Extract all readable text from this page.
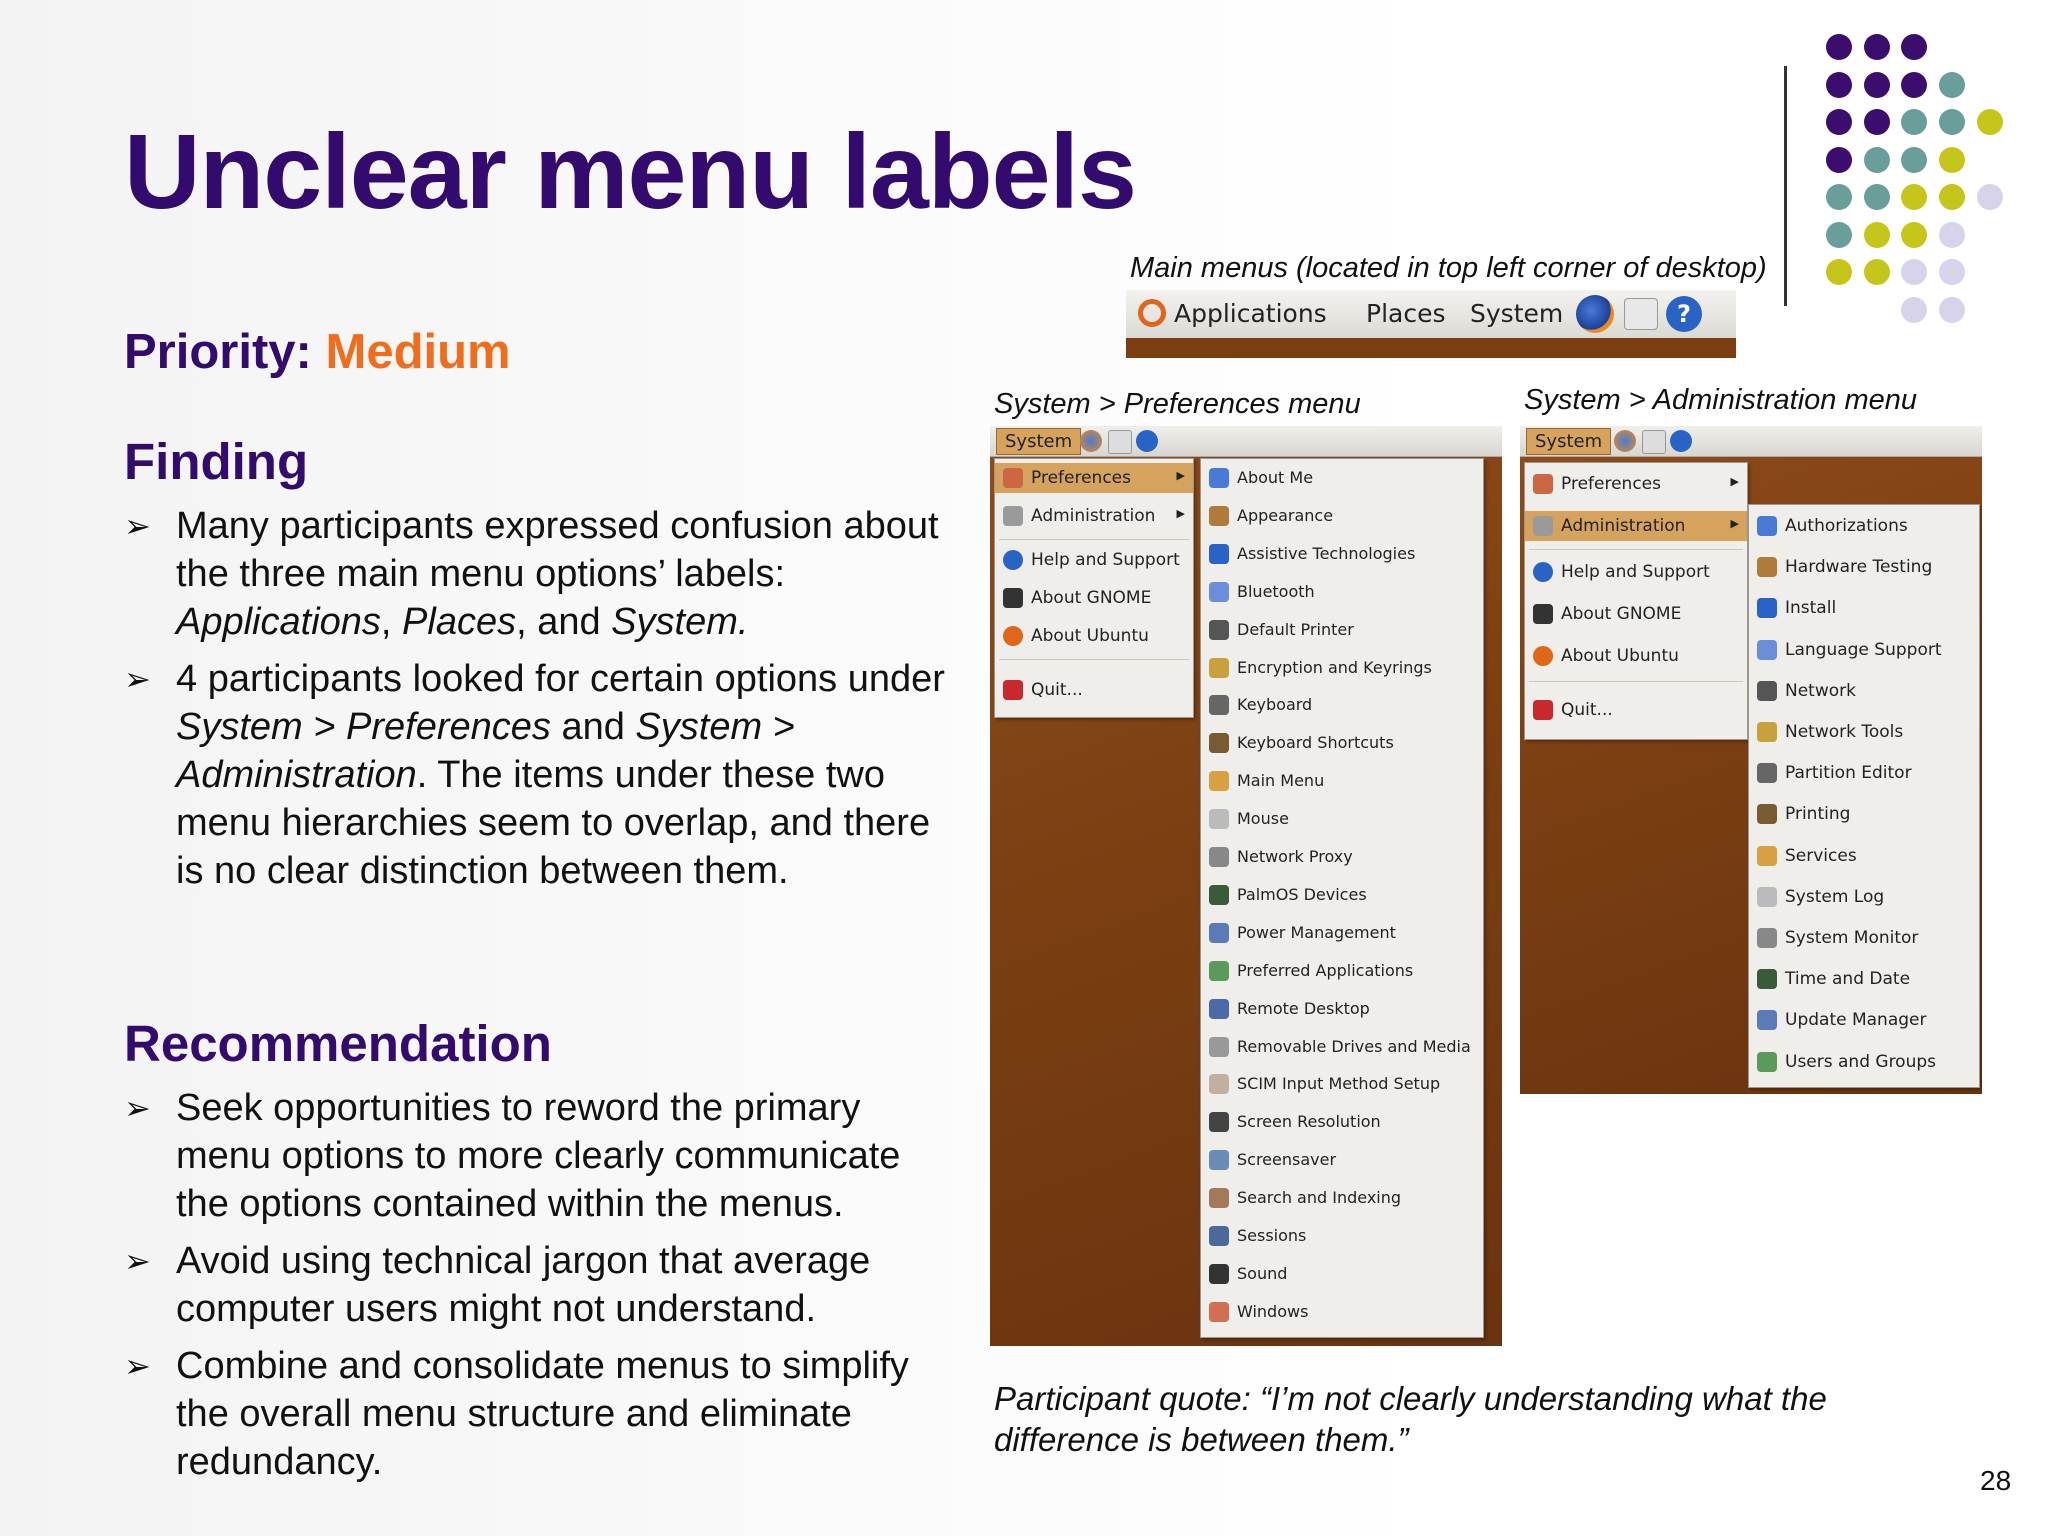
Unclear menu labels
Priority: Medium
Finding
➢ Many participants expressed confusion about the three main menu options’ labels: Applications, Places, and System.
➢ 4 participants looked for certain options under System > Preferences and System > Administration. The items under these two menu hierarchies seem to overlap, and there is no clear distinction between them.
Recommendation
➢ Seek opportunities to reword the primary menu options to more clearly communicate the options contained within the menus.
➢ Avoid using technical jargon that average computer users might not understand.
➢ Combine and consolidate menus to simplify the overall menu structure and eliminate redundancy.
Main menus (located in top left corner of desktop)
System > Preferences menu	System > Administration menu
Applications Places System	?
System
Preferences	▶
Administration ▶
Help and Support
About GNOME
About Ubuntu
Quit...
About Me
Appearance
Assistive Technologies
Bluetooth
Default Printer
Encryption and Keyrings
Keyboard
Keyboard Shortcuts
Main Menu
Mouse
Network Proxy
PalmOS Devices
Power Management
Preferred Applications
Remote Desktop
Removable Drives and Media
SCIM Input Method Setup
Screen Resolution
Screensaver
Search and Indexing
Sessions
Sound
Windows
System
Preferences	▶
Administration	▶
Help and Support
About GNOME
About Ubuntu
Quit...
Authorizations
Hardware Testing
Install
Language Support
Network
Network Tools
Partition Editor
Printing
Services
System Log
System Monitor
Time and Date
Update Manager
Users and Groups
Participant quote: “I’m not clearly understanding what the difference is between them.”
28
